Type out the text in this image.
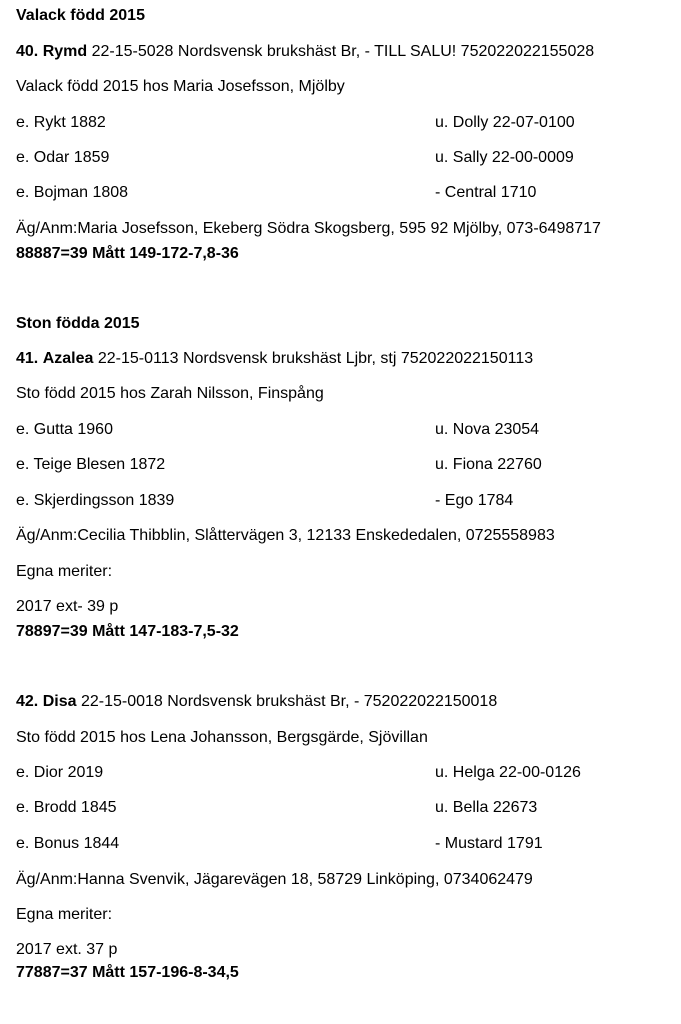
Valack född 2015
40. Rymd 22-15-5028 Nordsvensk brukshäst Br, - TILL SALU! 752022022155028
Valack född 2015 hos Maria Josefsson, Mjölby
e. Rykt 1882	u. Dolly 22-07-0100
e. Odar 1859	u. Sally 22-00-0009
e. Bojman 1808	- Central 1710
Äg/Anm:Maria Josefsson, Ekeberg Södra Skogsberg, 595 92 Mjölby, 073-6498717
88887=39 Mått 149-172-7,8-36
Ston födda 2015
41. Azalea 22-15-0113 Nordsvensk brukshäst Ljbr, stj 752022022150113
Sto född 2015 hos Zarah Nilsson, Finspång
e. Gutta 1960	u. Nova 23054
e. Teige Blesen 1872	u. Fiona 22760
e. Skjerdingsson 1839	- Ego 1784
Äg/Anm:Cecilia Thibblin, Slåttervägen 3, 12133 Enskededalen, 0725558983
Egna meriter:
2017 ext- 39 p
78897=39 Mått 147-183-7,5-32
42. Disa 22-15-0018 Nordsvensk brukshäst Br, - 752022022150018
Sto född 2015 hos Lena Johansson, Bergsgärde, Sjövillan
e. Dior 2019	u. Helga 22-00-0126
e. Brodd 1845	u. Bella 22673
e. Bonus 1844	- Mustard 1791
Äg/Anm:Hanna Svenvik, Jägarevägen 18, 58729 Linköping, 0734062479
Egna meriter:
2017 ext. 37 p
77887=37 Mått 157-196-8-34,5
